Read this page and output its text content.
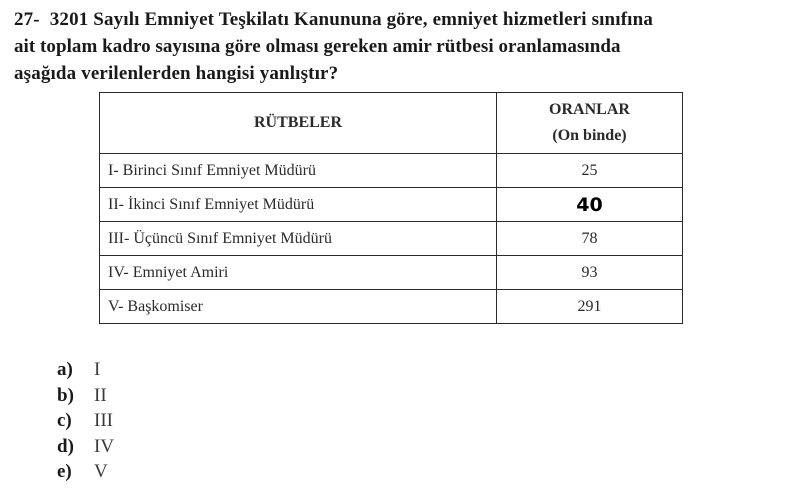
27- 3201 Sayılı Emniyet Teşkilatı Kanununa göre, emniyet hizmetleri sınıfına
ait toplam kadro sayısına göre olması gereken amir rütbesi oranlamasında
aşağıda verilenlerden hangisi yanlıştır?
RÜTBELER	ORANLAR
(On binde)

I- Birinci Sınıf Emniyet Müdürü	25
II- İkinci Sınıf Emniyet Müdürü	40
III- Üçüncü Sınıf Emniyet Müdürü	78
IV- Emniyet Amiri	93
V- Başkomiser	291
a) I
b) II
c) III
d) IV
e) V
